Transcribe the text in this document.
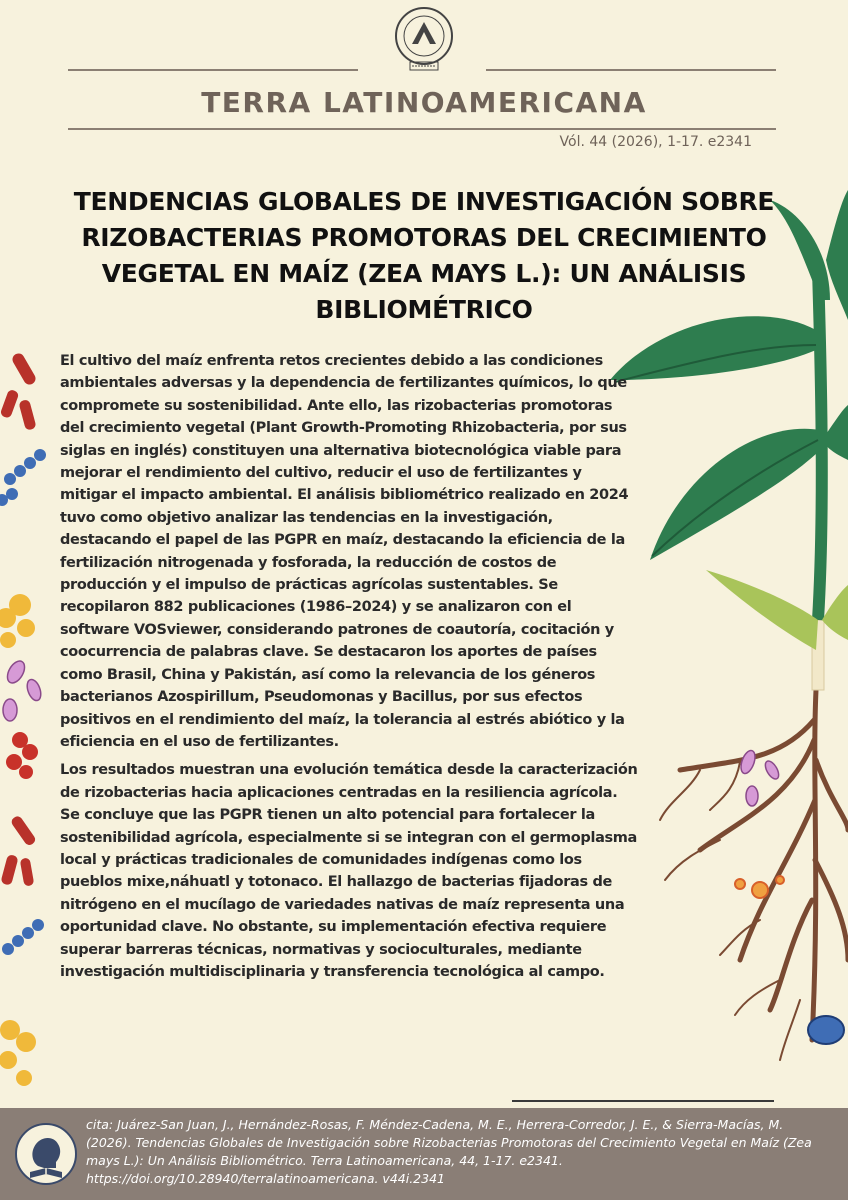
TERRA LATINOAMERICANA
Vól. 44 (2026), 1-17. e2341
TENDENCIAS GLOBALES DE INVESTIGACIÓN SOBRE RIZOBACTERIAS PROMOTORAS DEL CRECIMIENTO VEGETAL EN MAÍZ (ZEA MAYS L.): UN ANÁLISIS BIBLIOMÉTRICO

El cultivo del maíz enfrenta retos crecientes debido a las condiciones ambientales adversas y la dependencia de fertilizantes químicos, lo que compromete su sostenibilidad. Ante ello, las rizobacterias promotoras del crecimiento vegetal (Plant Growth-Promoting Rhizobacteria, por sus siglas en inglés) constituyen una alternativa biotecnológica viable para mejorar el rendimiento del cultivo, reducir el uso de fertilizantes y mitigar el impacto ambiental. El análisis bibliométrico realizado en 2024 tuvo como objetivo analizar las tendencias en la investigación, destacando el papel de las PGPR en maíz, destacando la eficiencia de la fertilización nitrogenada y fosforada, la reducción de costos de producción y el impulso de prácticas agrícolas sustentables. Se recopilaron 882 publicaciones (1986–2024) y se analizaron con el software VOSviewer, considerando patrones de coautoría, cocitación y coocurrencia de palabras clave. Se destacaron los aportes de países como Brasil, China y Pakistán, así como la relevancia de los géneros bacterianos Azospirillum, Pseudomonas y Bacillus, por sus efectos positivos en el rendimiento del maíz, la tolerancia al estrés abiótico y la eficiencia en el uso de fertilizantes.

Los resultados muestran una evolución temática desde la caracterización de rizobacterias hacia aplicaciones centradas en la resiliencia agrícola. Se concluye que las PGPR tienen un alto potencial para fortalecer la sostenibilidad agrícola, especialmente si se integran con el germoplasma local y prácticas tradicionales de comunidades indígenas como los pueblos mixe,náhuatl y totonaco. El hallazgo de bacterias fijadoras de nitrógeno en el mucílago de variedades nativas de maíz representa una oportunidad clave. No obstante, su implementación efectiva requiere superar barreras técnicas, normativas y socioculturales, mediante investigación multidisciplinaria y transferencia tecnológica al campo.

cita: Juárez-San Juan, J., Hernández-Rosas, F. Méndez-Cadena, M. E., Herrera-Corredor, J. E., & Sierra-Macías, M. (2026). Tendencias Globales de Investigación sobre Rizobacterias Promotoras del Crecimiento Vegetal en Maíz (Zea mays L.): Un Análisis Bibliométrico. Terra Latinoamericana, 44, 1-17. e2341. https://doi.org/10.28940/terralatinoamericana. v44i.2341
